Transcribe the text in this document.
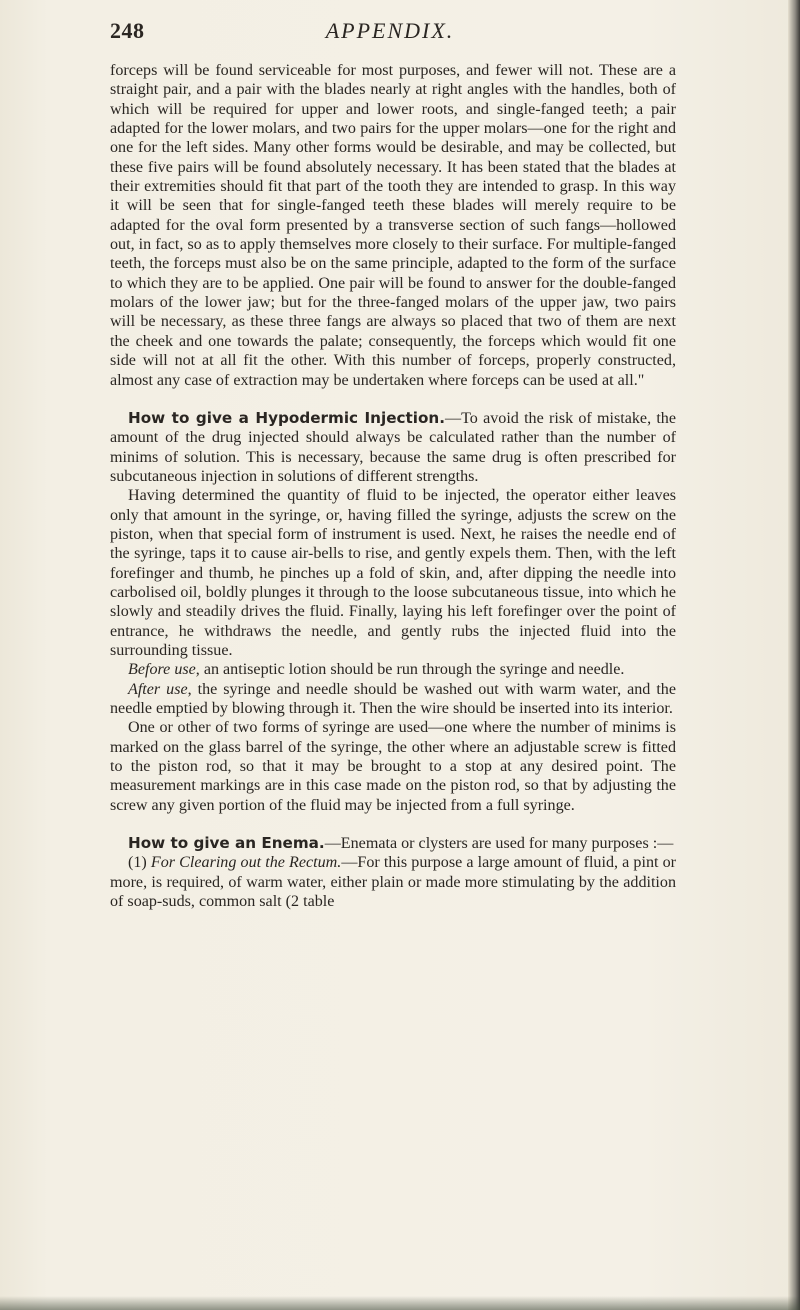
248	APPENDIX.

forceps will be found serviceable for most purposes, and fewer will not. These are a straight pair, and a pair with the blades nearly at right angles with the handles, both of which will be required for upper and lower roots, and single-fanged teeth; a pair adapted for the lower molars, and two pairs for the upper molars—one for the right and one for the left sides. Many other forms would be desirable, and may be collected, but these five pairs will be found absolutely necessary. It has been stated that the blades at their extremities should fit that part of the tooth they are intended to grasp. In this way it will be seen that for single-fanged teeth these blades will merely require to be adapted for the oval form presented by a transverse section of such fangs—hollowed out, in fact, so as to apply themselves more closely to their surface. For multiple-fanged teeth, the forceps must also be on the same principle, adapted to the form of the surface to which they are to be applied. One pair will be found to answer for the double-fanged molars of the lower jaw; but for the three-fanged molars of the upper jaw, two pairs will be necessary, as these three fangs are always so placed that two of them are next the cheek and one towards the palate; consequently, the forceps which would fit one side will not at all fit the other. With this number of forceps, properly constructed, almost any case of extraction may be undertaken where forceps can be used at all."

How to give a Hypodermic Injection.—To avoid the risk of mistake, the amount of the drug injected should always be calculated rather than the number of minims of solution. This is necessary, because the same drug is often prescribed for subcutaneous injection in solutions of different strengths.

Having determined the quantity of fluid to be injected, the operator either leaves only that amount in the syringe, or, having filled the syringe, adjusts the screw on the piston, when that special form of instrument is used. Next, he raises the needle end of the syringe, taps it to cause air-bells to rise, and gently expels them. Then, with the left forefinger and thumb, he pinches up a fold of skin, and, after dipping the needle into carbolised oil, boldly plunges it through to the loose subcutaneous tissue, into which he slowly and steadily drives the fluid. Finally, laying his left forefinger over the point of entrance, he withdraws the needle, and gently rubs the injected fluid into the surrounding tissue.

Before use, an antiseptic lotion should be run through the syringe and needle.

After use, the syringe and needle should be washed out with warm water, and the needle emptied by blowing through it. Then the wire should be inserted into its interior.

One or other of two forms of syringe are used—one where the number of minims is marked on the glass barrel of the syringe, the other where an adjustable screw is fitted to the piston rod, so that it may be brought to a stop at any desired point. The measurement markings are in this case made on the piston rod, so that by adjusting the screw any given portion of the fluid may be injected from a full syringe.

How to give an Enema.—Enemata or clysters are used for many purposes :—

(1) For Clearing out the Rectum.—For this purpose a large amount of fluid, a pint or more, is required, of warm water, either plain or made more stimulating by the addition of soap-suds, common salt (2 table
